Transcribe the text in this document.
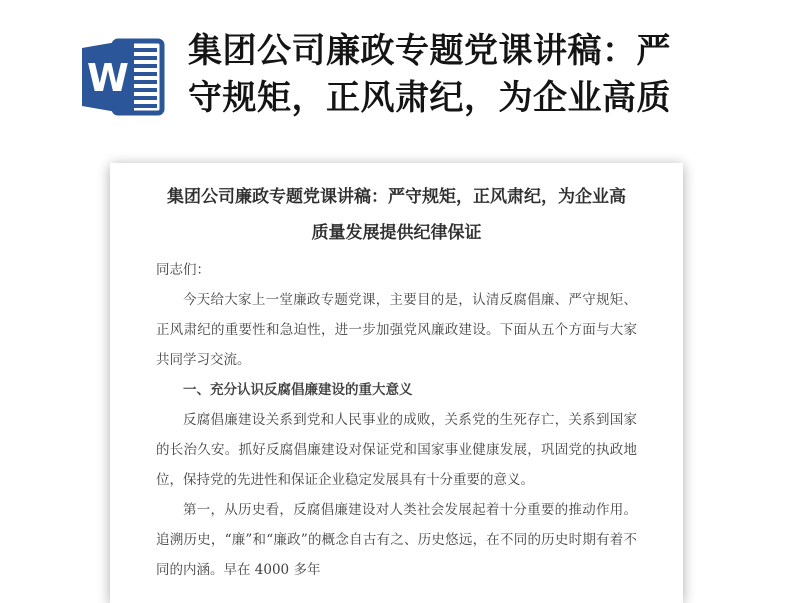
W
集团公司廉政专题党课讲稿：严
守规矩，正风肃纪，为企业高质
集团公司廉政专题党课讲稿：严守规矩，正风肃纪，为企业高
质量发展提供纪律保证

同志们：

今天给大家上一堂廉政专题党课，主要目的是，认清反腐倡廉、严守规矩、正风肃纪的重要性和急迫性，进一步加强党风廉政建设。下面从五个方面与大家共同学习交流。

一、充分认识反腐倡廉建设的重大意义

反腐倡廉建设关系到党和人民事业的成败，关系党的生死存亡，关系到国家的长治久安。抓好反腐倡廉建设对保证党和国家事业健康发展，巩固党的执政地位，保持党的先进性和保证企业稳定发展具有十分重要的意义。

第一，从历史看，反腐倡廉建设对人类社会发展起着十分重要的推动作用。追溯历史，“廉”和“廉政”的概念自古有之、历史悠远，在不同的历史时期有着不同的内涵。早在 4000 多年
